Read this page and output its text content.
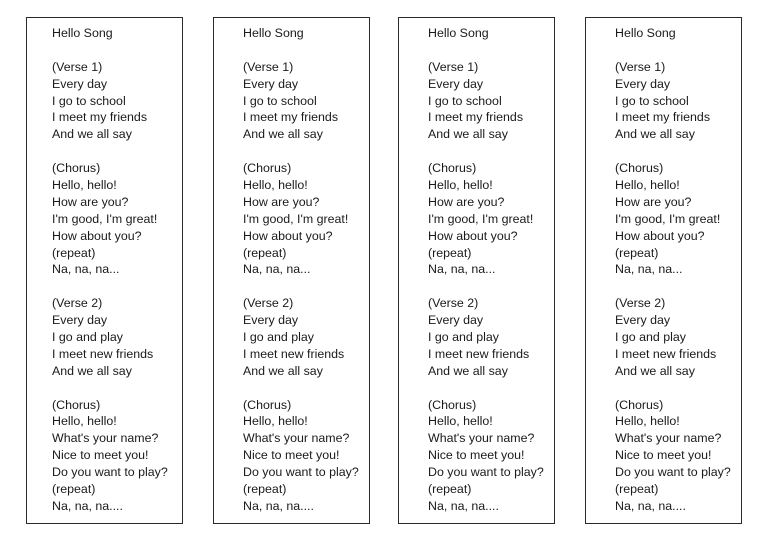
Hello Song
(Verse 1)
Every day
I go to school
I meet my friends
And we all say
(Chorus)
Hello, hello!
How are you?
I'm good, I'm great!
How about you?
(repeat)
Na, na, na...
(Verse 2)
Every day
I go and play
I meet new friends
And we all say
(Chorus)
Hello, hello!
What's your name?
Nice to meet you!
Do you want to play?
(repeat)
Na, na, na....
Hello Song
(Verse 1)
Every day
I go to school
I meet my friends
And we all say
(Chorus)
Hello, hello!
How are you?
I'm good, I'm great!
How about you?
(repeat)
Na, na, na...
(Verse 2)
Every day
I go and play
I meet new friends
And we all say
(Chorus)
Hello, hello!
What's your name?
Nice to meet you!
Do you want to play?
(repeat)
Na, na, na....
Hello Song
(Verse 1)
Every day
I go to school
I meet my friends
And we all say
(Chorus)
Hello, hello!
How are you?
I'm good, I'm great!
How about you?
(repeat)
Na, na, na...
(Verse 2)
Every day
I go and play
I meet new friends
And we all say
(Chorus)
Hello, hello!
What's your name?
Nice to meet you!
Do you want to play?
(repeat)
Na, na, na....
Hello Song
(Verse 1)
Every day
I go to school
I meet my friends
And we all say
(Chorus)
Hello, hello!
How are you?
I'm good, I'm great!
How about you?
(repeat)
Na, na, na...
(Verse 2)
Every day
I go and play
I meet new friends
And we all say
(Chorus)
Hello, hello!
What's your name?
Nice to meet you!
Do you want to play?
(repeat)
Na, na, na....
